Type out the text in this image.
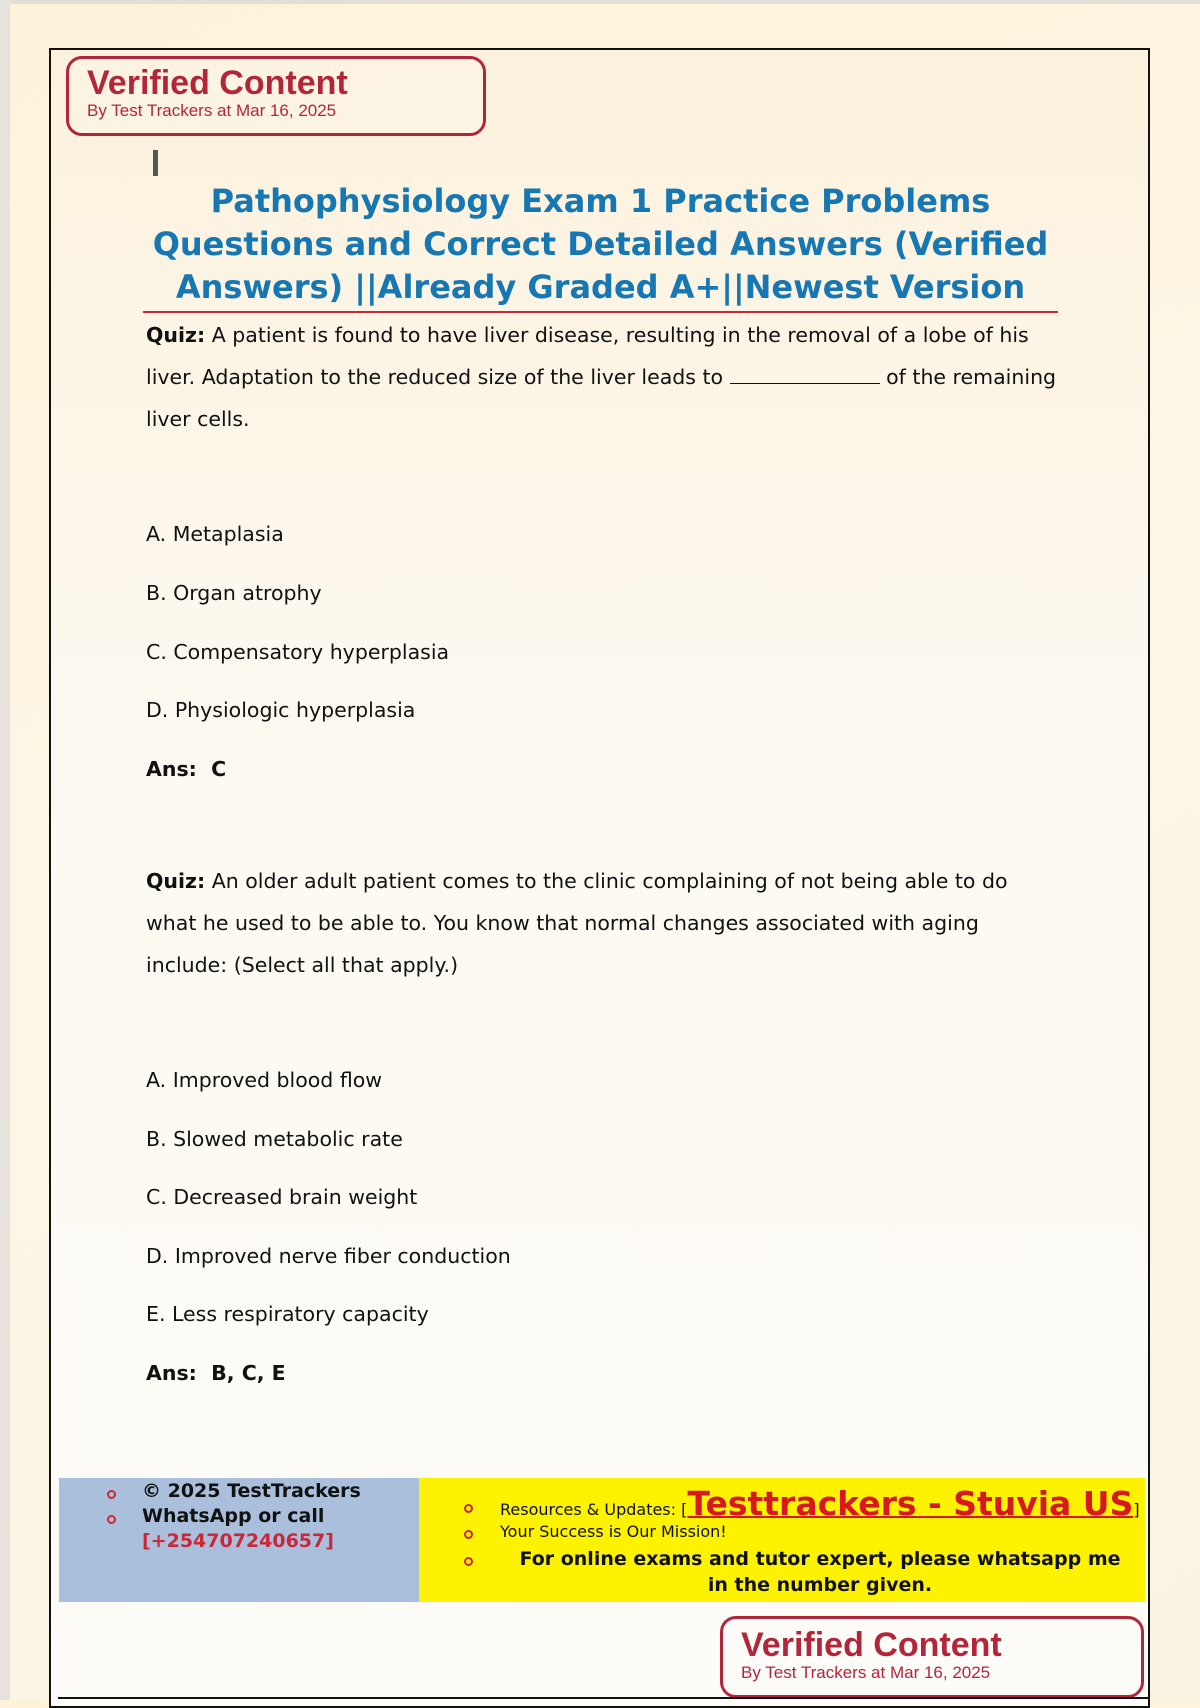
Verified Content
By Test Trackers at Mar 16, 2025
Pathophysiology Exam 1 Practice Problems
Questions and Correct Detailed Answers (Verified
Answers) ||Already Graded A+||Newest Version
Quiz: A patient is found to have liver disease, resulting in the removal of a lobe of his liver. Adaptation to the reduced size of the liver leads to	of the remaining liver cells.
A. Metaplasia
B. Organ atrophy
C. Compensatory hyperplasia
D. Physiologic hyperplasia
Ans: C
Quiz: An older adult patient comes to the clinic complaining of not being able to do what he used to be able to. You know that normal changes associated with aging include: (Select all that apply.)
A. Improved blood flow
B. Slowed metabolic rate
C. Decreased brain weight
D. Improved nerve fiber conduction
E. Less respiratory capacity
Ans: B, C, E
© 2025 TestTrackers
WhatsApp or call
[+254707240657]
Resources & Updates: [Testtrackers - Stuvia US]
Your Success is Our Mission!
For online exams and tutor expert, please whatsapp me
in the number given.
Verified Content
By Test Trackers at Mar 16, 2025
